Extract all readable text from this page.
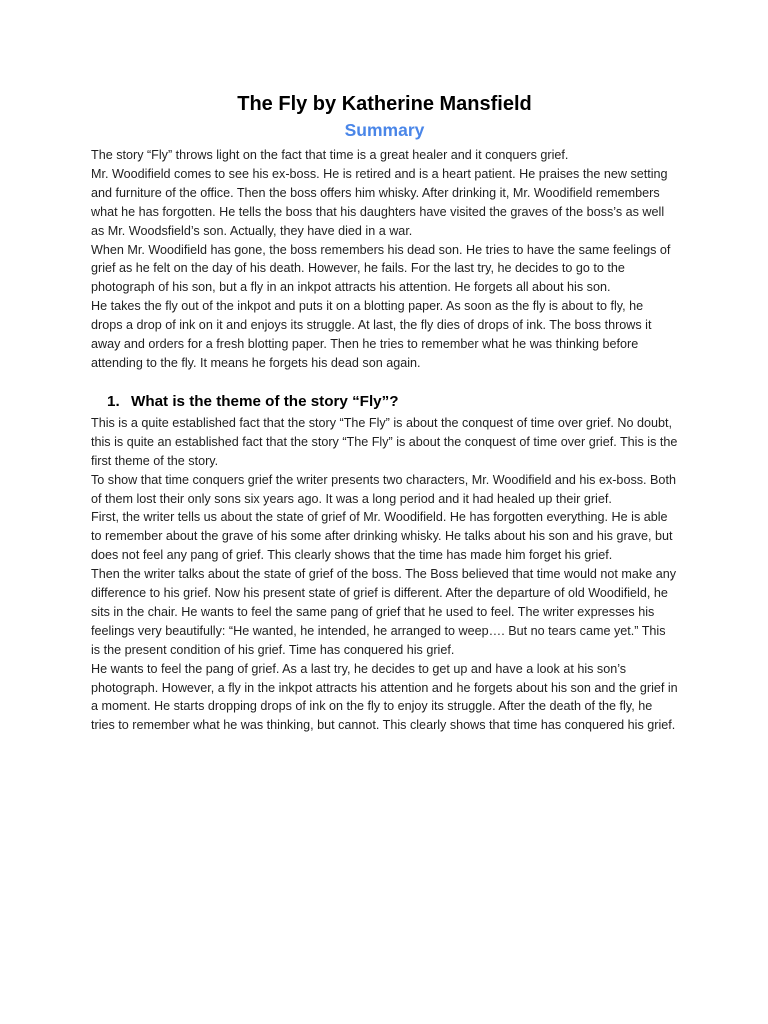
The Fly by Katherine Mansfield
Summary

The story “Fly” throws light on the fact that time is a great healer and it conquers grief.

Mr. Woodifield comes to see his ex-boss. He is retired and is a heart patient. He praises the new setting and furniture of the office. Then the boss offers him whisky. After drinking it, Mr. Woodifield remembers what he has forgotten. He tells the boss that his daughters have visited the graves of the boss’s as well as Mr. Woodsfield’s son. Actually, they have died in a war.

When Mr. Woodifield has gone, the boss remembers his dead son. He tries to have the same feelings of grief as he felt on the day of his death. However, he fails. For the last try, he decides to go to the photograph of his son, but a fly in an inkpot attracts his attention. He forgets all about his son.

He takes the fly out of the inkpot and puts it on a blotting paper. As soon as the fly is about to fly, he drops a drop of ink on it and enjoys its struggle. At last, the fly dies of drops of ink. The boss throws it away and orders for a fresh blotting paper. Then he tries to remember what he was thinking before attending to the fly. It means he forgets his dead son again.

1. What is the theme of the story “Fly”?

This is a quite established fact that the story “The Fly” is about the conquest of time over grief. No doubt, this is quite an established fact that the story “The Fly” is about the conquest of time over grief. This is the first theme of the story.

To show that time conquers grief the writer presents two characters, Mr. Woodifield and his ex-boss. Both of them lost their only sons six years ago. It was a long period and it had healed up their grief.

First, the writer tells us about the state of grief of Mr. Woodifield. He has forgotten everything. He is able to remember about the grave of his some after drinking whisky. He talks about his son and his grave, but does not feel any pang of grief. This clearly shows that the time has made him forget his grief.

Then the writer talks about the state of grief of the boss. The Boss believed that time would not make any difference to his grief. Now his present state of grief is different. After the departure of old Woodifield, he sits in the chair. He wants to feel the same pang of grief that he used to feel. The writer expresses his feelings very beautifully: “He wanted, he intended, he arranged to weep…. But no tears came yet.” This is the present condition of his grief. Time has conquered his grief.

He wants to feel the pang of grief. As a last try, he decides to get up and have a look at his son’s photograph. However, a fly in the inkpot attracts his attention and he forgets about his son and the grief in a moment. He starts dropping drops of ink on the fly to enjoy its struggle. After the death of the fly, he tries to remember what he was thinking, but cannot. This clearly shows that time has conquered his grief.
